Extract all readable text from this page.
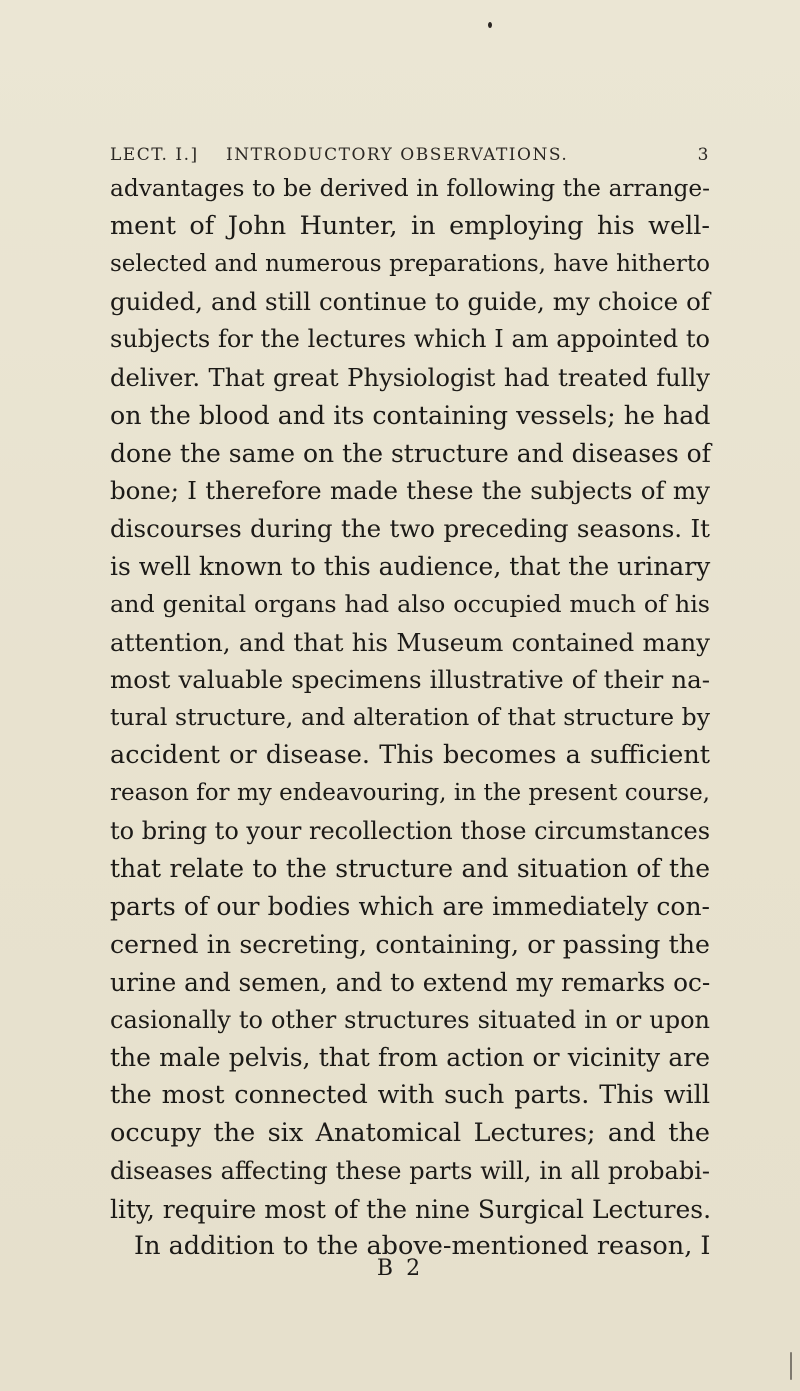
LECT. I.] INTRODUCTORY OBSERVATIONS.	3
advantages to be derived in following the arrange-
ment of John Hunter, in employing his well-
selected and numerous preparations, have hitherto
guided, and still continue to guide, my choice of
subjects for the lectures which I am appointed to
deliver. That great Physiologist had treated fully
on the blood and its containing vessels; he had
done the same on the structure and diseases of
bone; I therefore made these the subjects of my
discourses during the two preceding seasons. It
is well known to this audience, that the urinary
and genital organs had also occupied much of his
attention, and that his Museum contained many
most valuable specimens illustrative of their na-
tural structure, and alteration of that structure by
accident or disease. This becomes a sufficient
reason for my endeavouring, in the present course,
to bring to your recollection those circumstances
that relate to the structure and situation of the
parts of our bodies which are immediately con-
cerned in secreting, containing, or passing the
urine and semen, and to extend my remarks oc-
casionally to other structures situated in or upon
the male pelvis, that from action or vicinity are
the most connected with such parts. This will
occupy the six Anatomical Lectures; and the
diseases affecting these parts will, in all probabi-
lity, require most of the nine Surgical Lectures.
In addition to the above-mentioned reason, I
B 2
